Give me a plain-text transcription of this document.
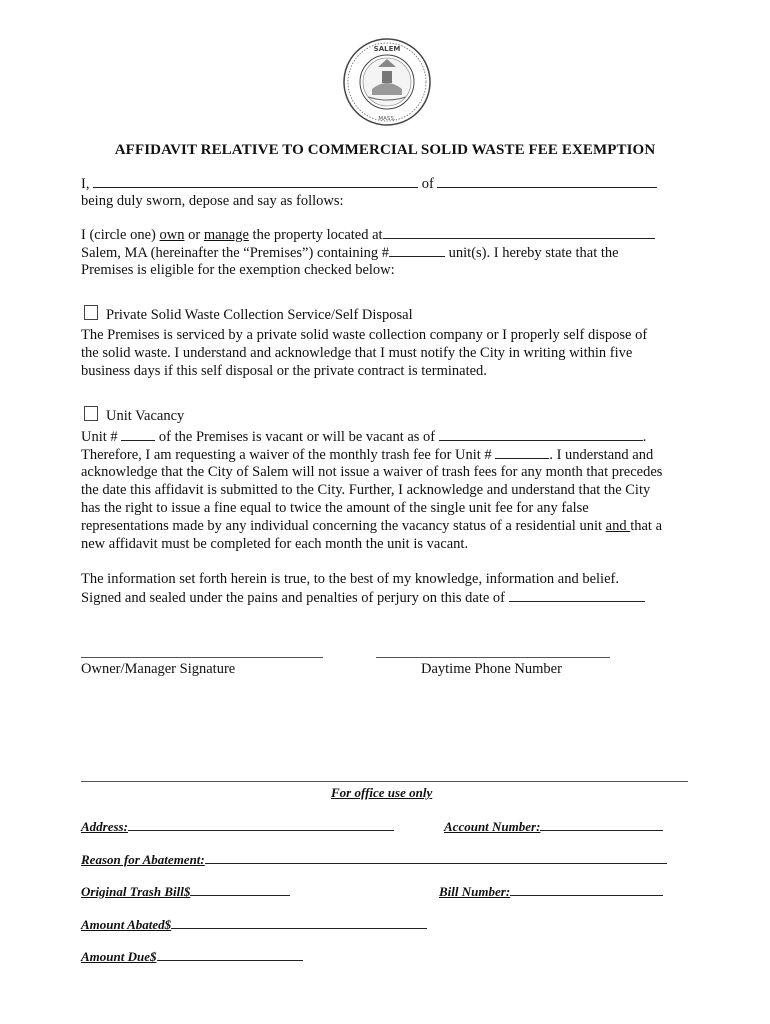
SALEM
MASS.
AFFIDAVIT RELATIVE TO COMMERCIAL SOLID WASTE FEE EXEMPTION
I,	of
being duly sworn, depose and say as follows:
I (circle one) own or manage the property located at
Salem, MA (hereinafter the “Premises”) containing #	unit(s). I hereby state that the
Premises is eligible for the exemption checked below:
Private Solid Waste Collection Service/Self Disposal
The Premises is serviced by a private solid waste collection company or I properly self dispose of
the solid waste. I understand and acknowledge that I must notify the City in writing within five
business days if this self disposal or the private contract is terminated.
Unit Vacancy
Unit #  of the Premises is vacant or will be vacant as of	.
Therefore, I am requesting a waiver of the monthly trash fee for Unit #	. I understand and
acknowledge that the City of Salem will not issue a waiver of trash fees for any month that precedes
the date this affidavit is submitted to the City. Further, I acknowledge and understand that the City
has the right to issue a fine equal to twice the amount of the single unit fee for any false
representations made by any individual concerning the vacancy status of a residential unit and that a
new affidavit must be completed for each month the unit is vacant.
The information set forth herein is true, to the best of my knowledge, information and belief.
Signed and sealed under the pains and penalties of perjury on this date of
Owner/Manager Signature	Daytime Phone Number
For office use only
Address:	Account Number:
Reason for Abatement:
Original Trash Bill$	Bill Number:
Amount Abated$
Amount Due$
